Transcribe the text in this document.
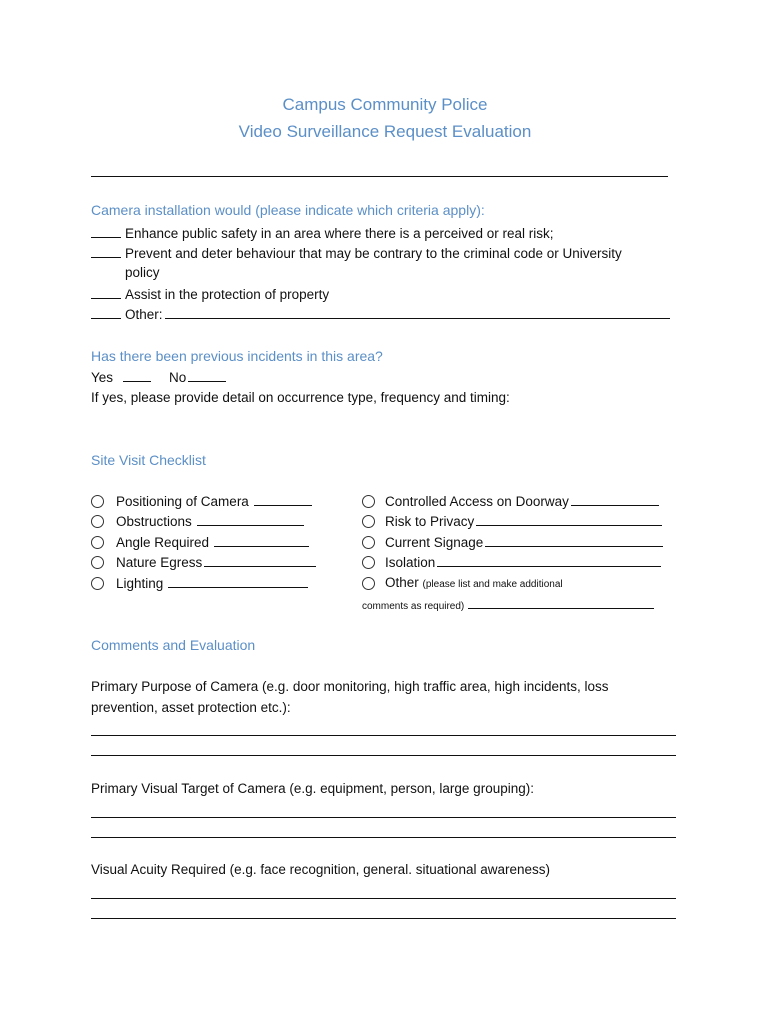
Campus Community Police
Video Surveillance Request Evaluation
Camera installation would (please indicate which criteria apply):
Enhance public safety in an area where there is a perceived or real risk;
Prevent and deter behaviour that may be contrary to the criminal code or University
policy
Assist in the protection of property
Other:
Has there been previous incidents in this area?
Yes	No
If yes, please provide detail on occurrence type, frequency and timing:
Site Visit Checklist
Positioning of Camera
Obstructions
Angle Required
Nature Egress
Lighting
Controlled Access on Doorway
Risk to Privacy
Current Signage
Isolation
Other (please list and make additional
comments as required)
Comments and Evaluation
Primary Purpose of Camera (e.g. door monitoring, high traffic area, high incidents, loss
prevention, asset protection etc.):
Primary Visual Target of Camera (e.g. equipment, person, large grouping):
Visual Acuity Required (e.g. face recognition, general. situational awareness)
